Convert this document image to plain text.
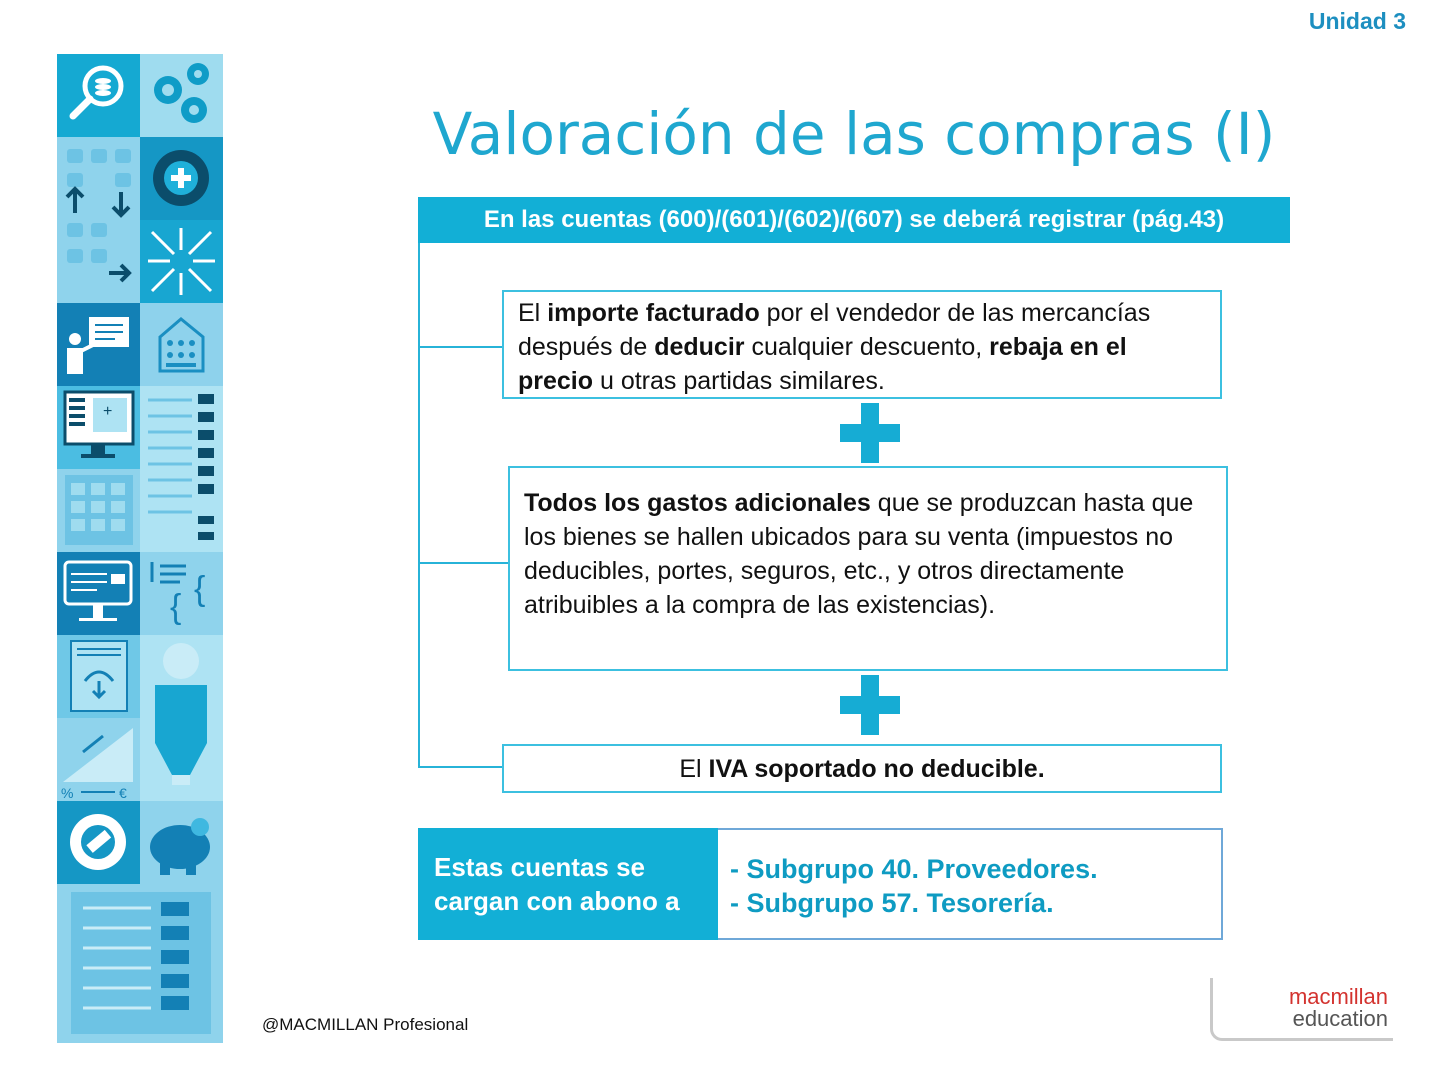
Unidad 3
+
{ {
%	€
Valoración de las compras (I)
En las cuentas (600)/(601)/(602)/(607) se deberá registrar (pág.43)
El importe facturado por el vendedor de las mercancías después de deducir cualquier descuento, rebaja en el precio u otras partidas similares.
Todos los gastos adicionales que se produzcan hasta que los bienes se hallen ubicados para su venta (impuestos no deducibles, portes, seguros, etc., y otros directamente atribuibles a la compra de las existencias).
El IVA soportado no deducible.
Estas cuentas se cargan con abono a
- Subgrupo 40. Proveedores.
- Subgrupo 57. Tesorería.
@MACMILLAN Profesional
macmillan
education
